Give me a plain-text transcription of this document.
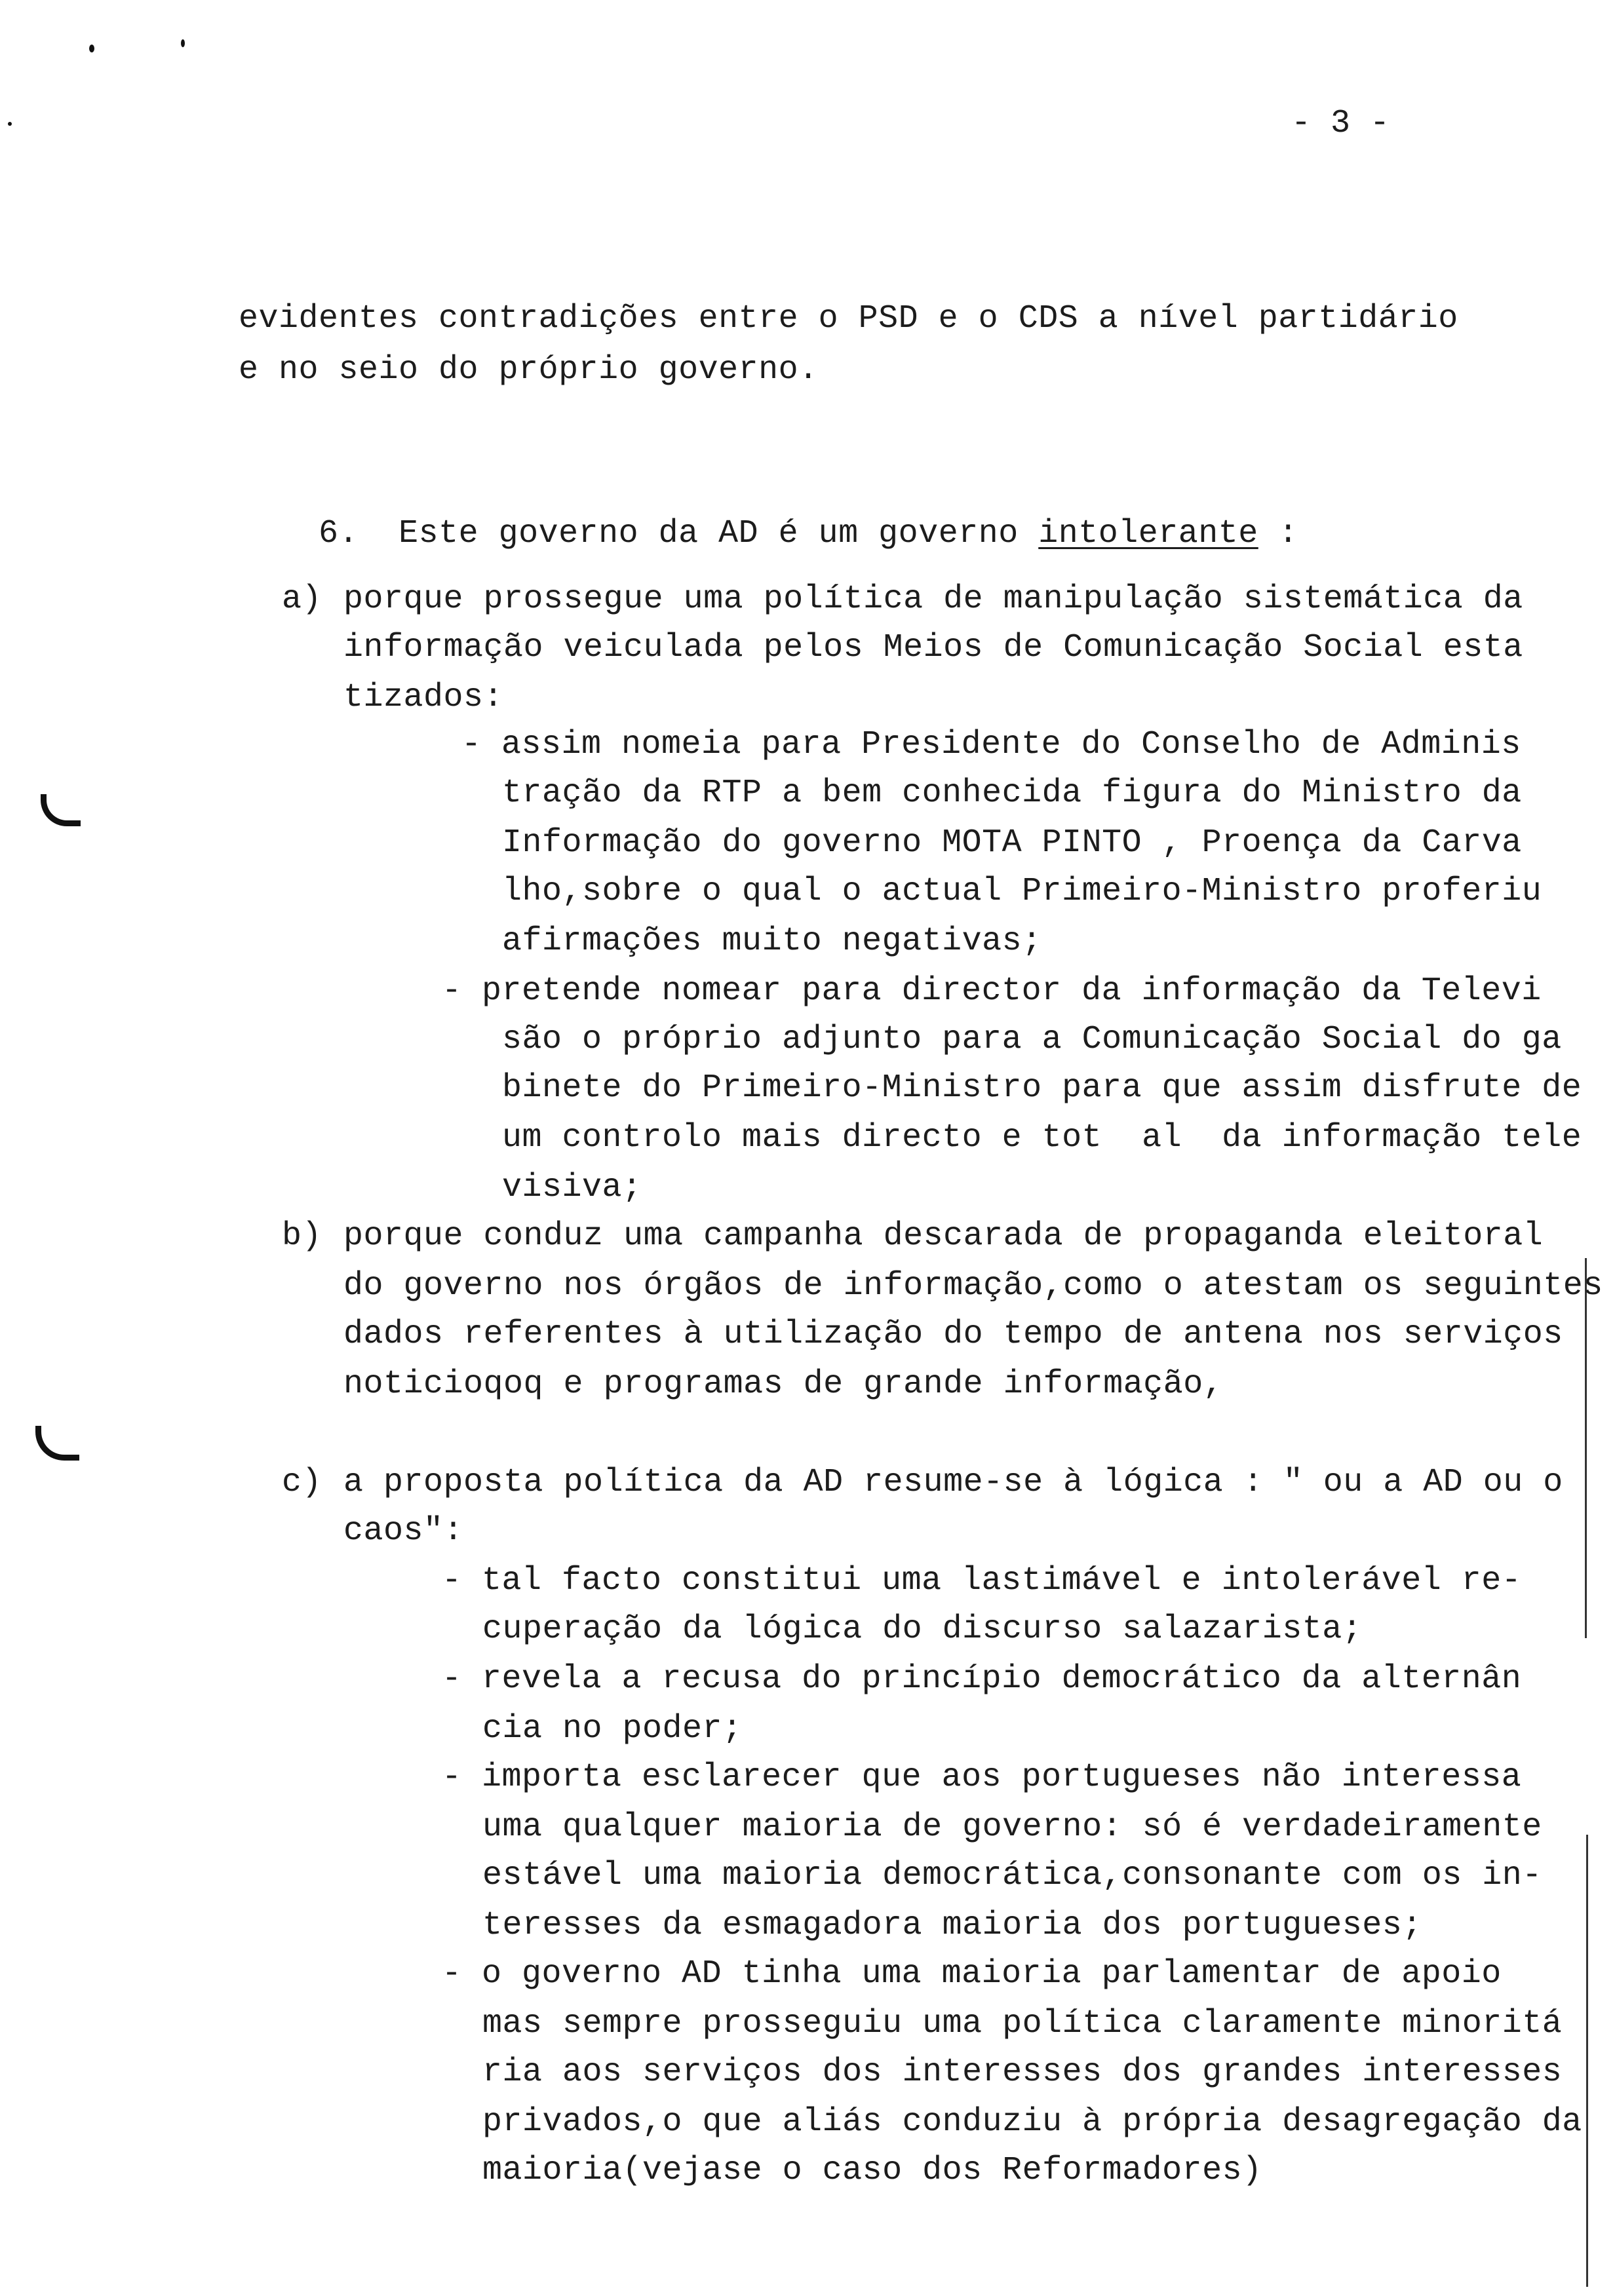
- 3 -
evidentes contradições entre o PSD e o CDS a nível partidário
e no seio do próprio governo.

6. Este governo da AD é um governo intolerante :

a) porque prossegue uma política de manipulação sistemática da
informação veiculada pelos Meios de Comunicação Social esta
tizados:
- assim nomeia para Presidente do Conselho de Adminis
tração da RTP a bem conhecida figura do Ministro da
Informação do governo MOTA PINTO , Proença da Carva
lho,sobre o qual o actual Primeiro-Ministro proferiu
afirmações muito negativas;
- pretende nomear para director da informação da Televi
são o próprio adjunto para a Comunicação Social do ga
binete do Primeiro-Ministro para que assim disfrute de
um controlo mais directo e tot  al  da informação tele
visiva;
b) porque conduz uma campanha descarada de propaganda eleitoral
do governo nos órgãos de informação,como o atestam os seguintes
dados referentes à utilização do tempo de antena nos serviços
noticioqoq e programas de grande informação,
c) a proposta política da AD resume-se à lógica : " ou a AD ou o
caos":
- tal facto constitui uma lastimável e intolerável re-
cuperação da lógica do discurso salazarista;
- revela a recusa do princípio democrático da alternân
cia no poder;
- importa esclarecer que aos portugueses não interessa
uma qualquer maioria de governo: só é verdadeiramente
estável uma maioria democrática,consonante com os in-
teresses da esmagadora maioria dos portugueses;
- o governo AD tinha uma maioria parlamentar de apoio
mas sempre prosseguiu uma política claramente minoritá
ria aos serviços dos interesses dos grandes interesses
privados,o que aliás conduziu à própria desagregação da
maioria(vejase o caso dos Reformadores)
